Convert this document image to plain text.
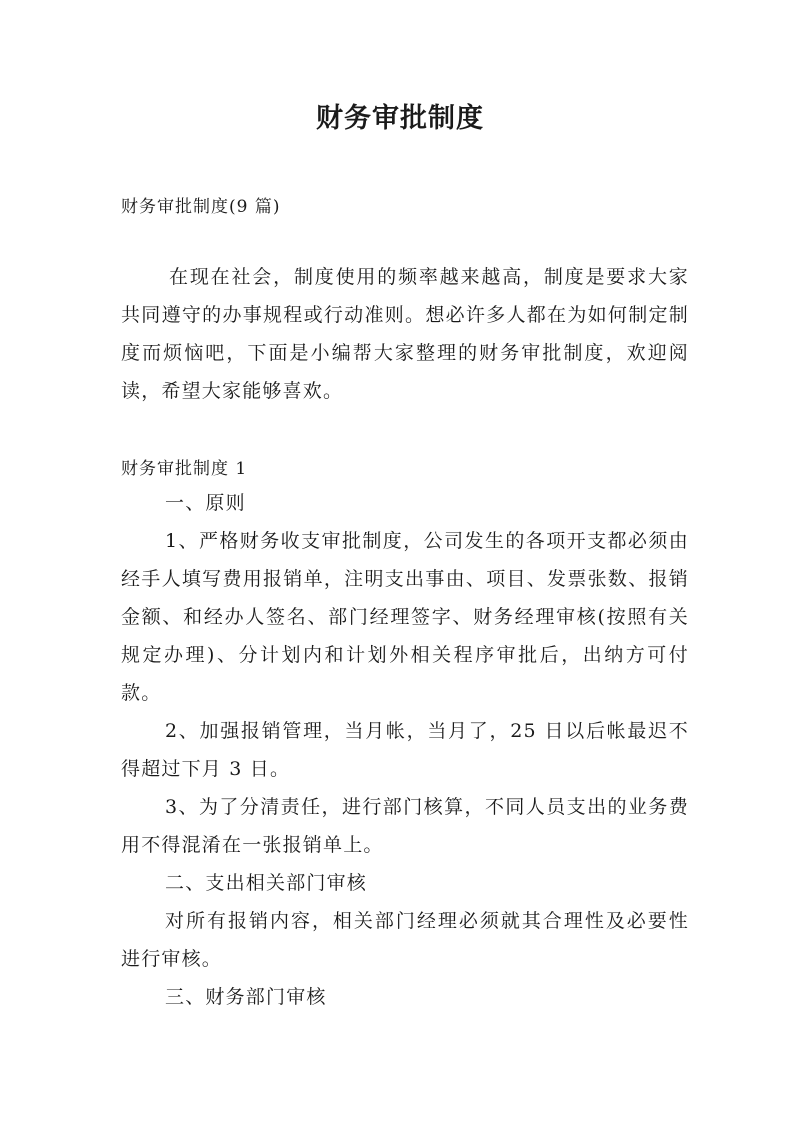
财务审批制度

财务审批制度(9 篇)

在现在社会，制度使用的频率越来越高，制度是要求大家共同遵守的办事规程或行动准则。想必许多人都在为如何制定制度而烦恼吧，下面是小编帮大家整理的财务审批制度，欢迎阅读，希望大家能够喜欢。

财务审批制度 1

一、原则

1、严格财务收支审批制度，公司发生的各项开支都必须由经手人填写费用报销单，注明支出事由、项目、发票张数、报销金额、和经办人签名、部门经理签字、财务经理审核(按照有关规定办理)、分计划内和计划外相关程序审批后，出纳方可付款。

2、加强报销管理，当月帐，当月了，25 日以后帐最迟不得超过下月 3 日。

3、为了分清责任，进行部门核算，不同人员支出的业务费用不得混淆在一张报销单上。

二、支出相关部门审核

对所有报销内容，相关部门经理必须就其合理性及必要性进行审核。

三、财务部门审核
